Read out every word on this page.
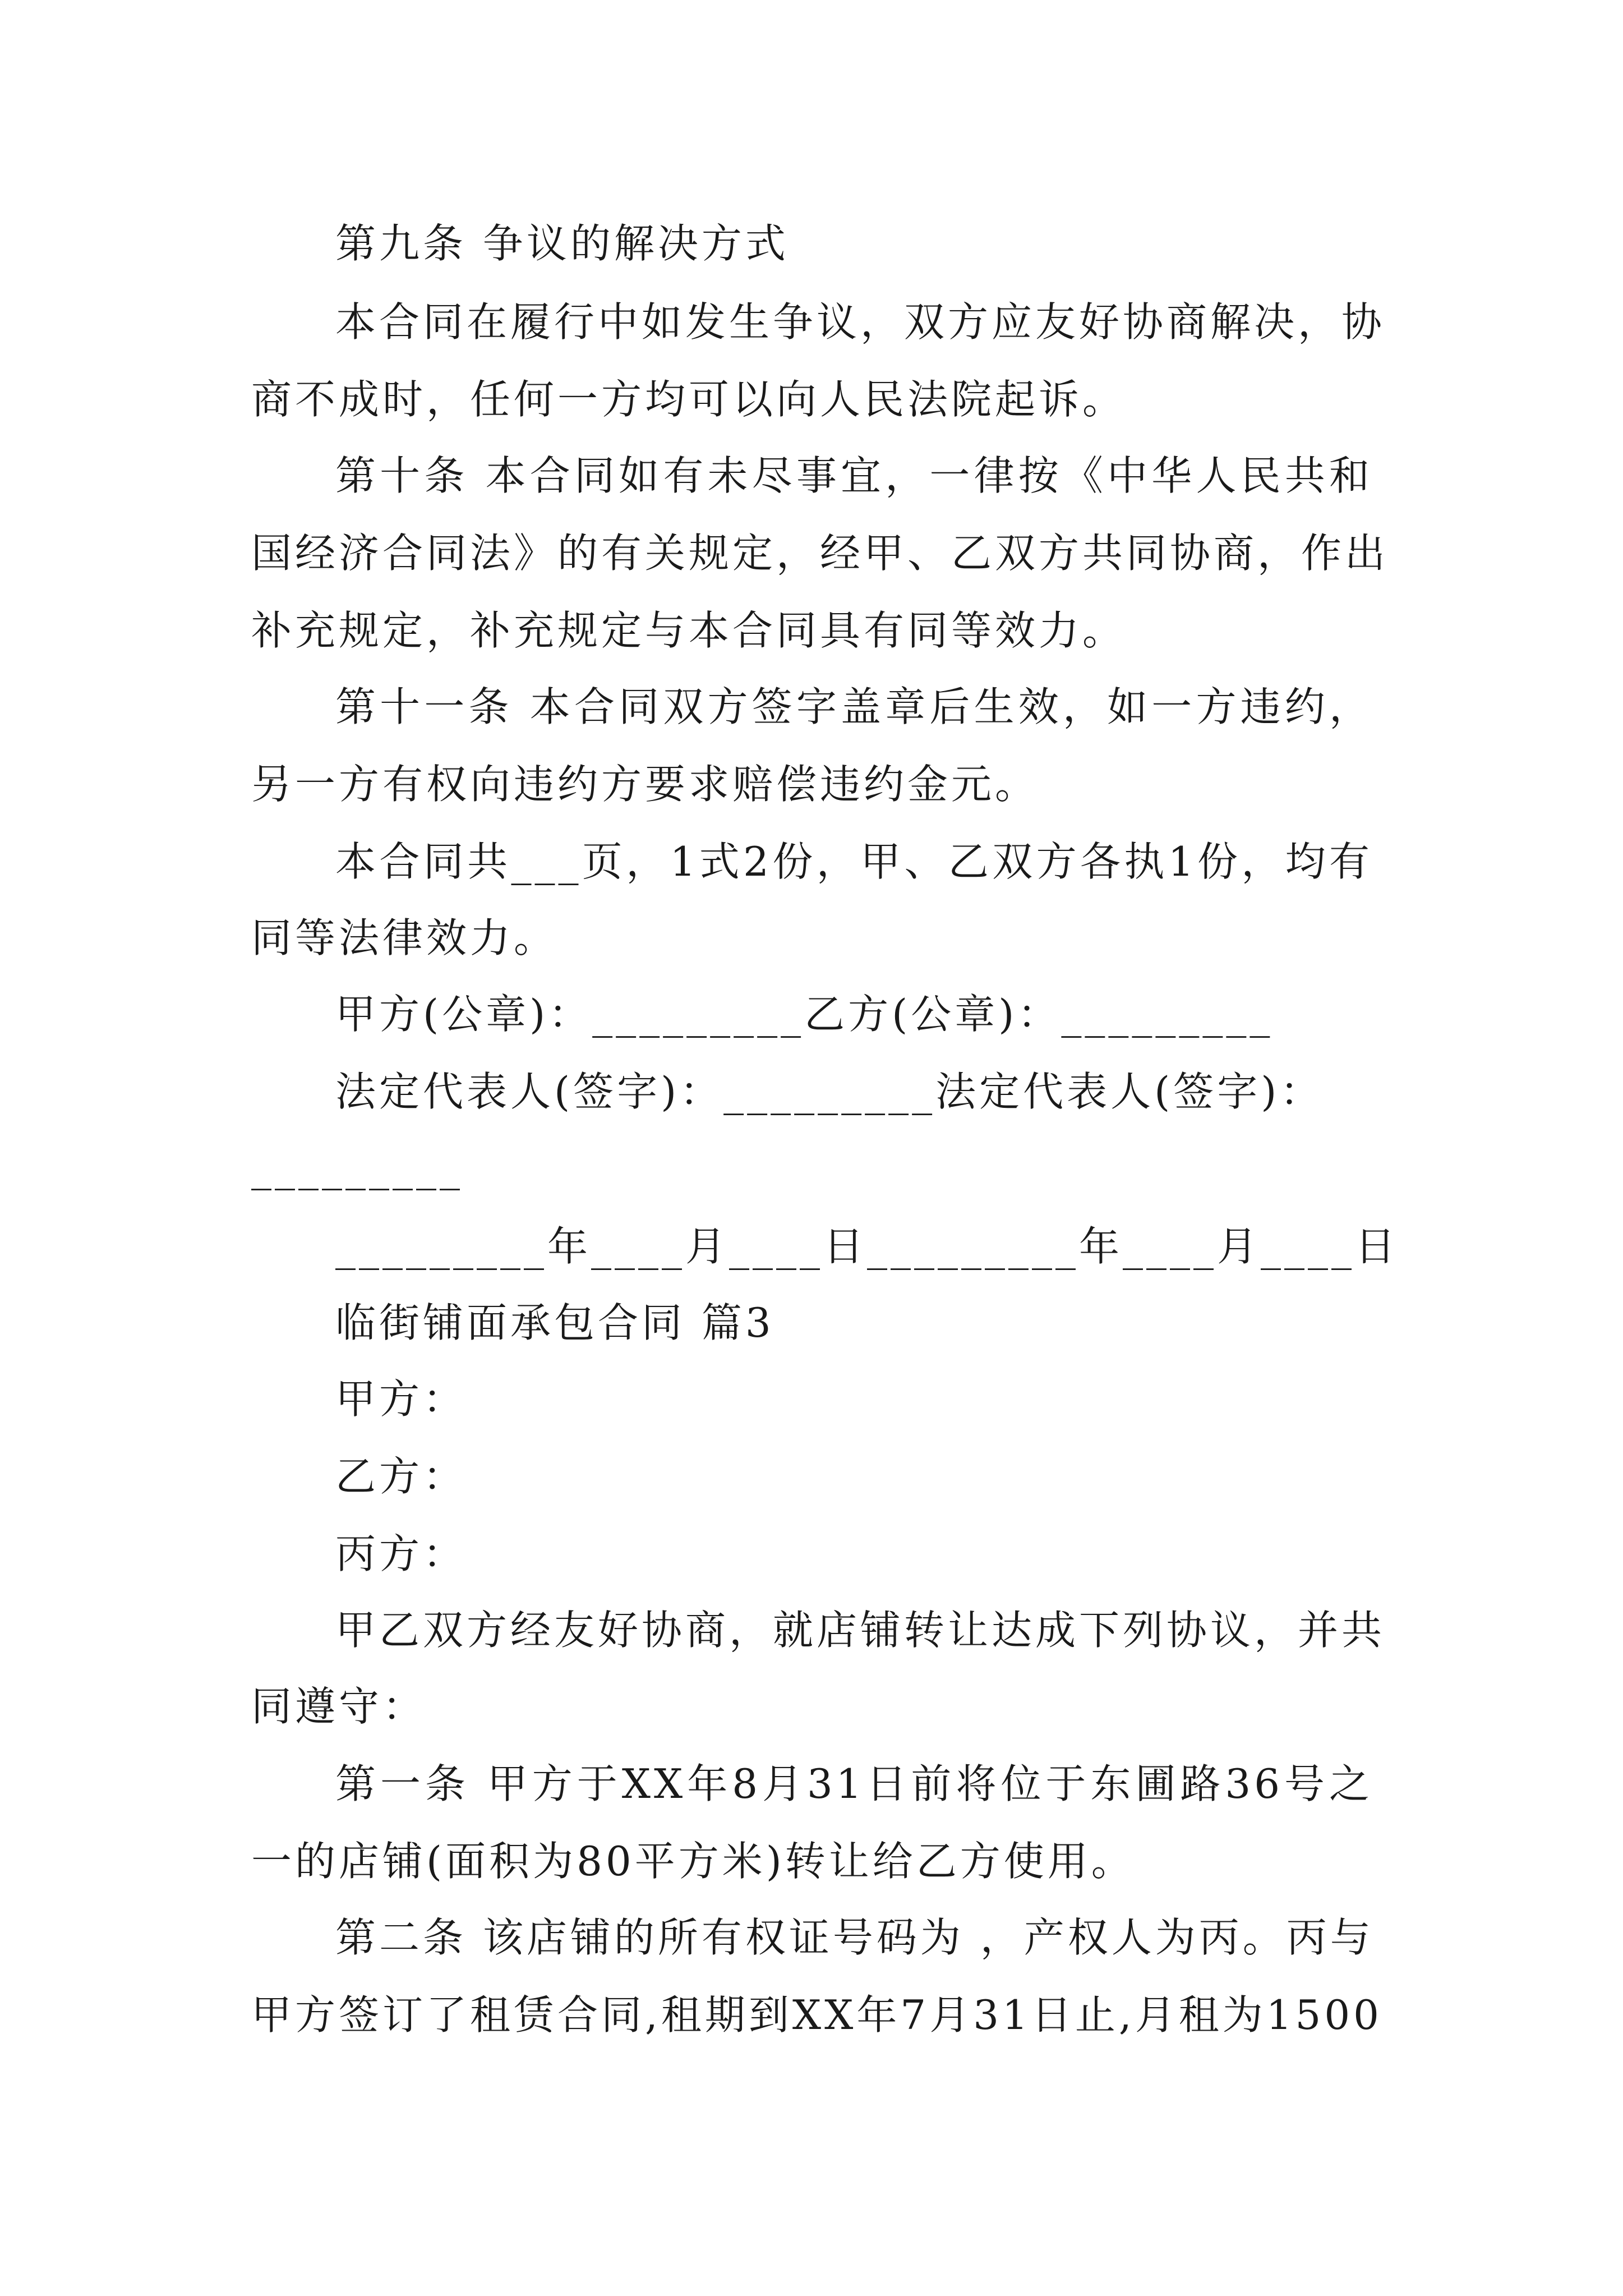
第九条 争议的解决方式
本合同在履行中如发生争议，双方应友好协商解决，协
商不成时，任何一方均可以向人民法院起诉。
第十条 本合同如有未尽事宜，一律按《中华人民共和
国经济合同法》的有关规定，经甲、乙双方共同协商，作出
补充规定，补充规定与本合同具有同等效力。
第十一条 本合同双方签字盖章后生效，如一方违约，
另一方有权向违约方要求赔偿违约金元。
本合同共___页，1式2份，甲、乙双方各执1份，均有
同等法律效力。
甲方(公章)：_________乙方(公章)：_________
法定代表人(签字)：_________法定代表人(签字)：
_________
_________年____月____日_________年____月____日
临街铺面承包合同 篇3
甲方：
乙方：
丙方：
甲乙双方经友好协商，就店铺转让达成下列协议，并共
同遵守：
第一条 甲方于XX年8月31日前将位于东圃路36号之
一的店铺(面积为80平方米)转让给乙方使用。
第二条 该店铺的所有权证号码为 ，产权人为丙。丙与
甲方签订了租赁合同,租期到XX年7月31日止,月租为1500
